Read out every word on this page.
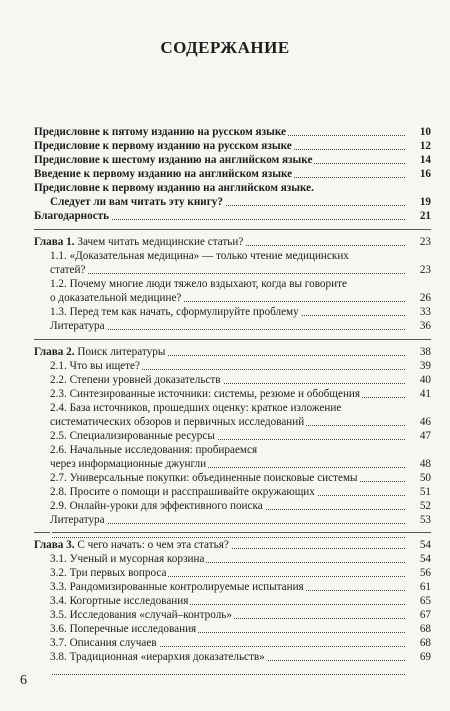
СОДЕРЖАНИЕ
Предисловие к пятому изданию на русском языке	10
Предисловие к первому изданию на русском языке	12
Предисловие к шестому изданию на английском языке	14
Введение к первому изданию на английском языке	16
Предисловие к первому изданию на английском языке.
Следует ли вам читать эту книгу?	19
Благодарность	21
Глава 1. Зачем читать медицинские статьи?	23
1.1. «Доказательная медицина» — только чтение медицинских
статей?	23
1.2. Почему многие люди тяжело вздыхают, когда вы говорите
о доказательной медицине?	26
1.3. Перед тем как начать, сформулируйте проблему	33
Литература	36
Глава 2. Поиск литературы	38
2.1. Что вы ищете?	39
2.2. Степени уровней доказательств	40
2.3. Синтезированные источники: системы, резюме и обобщения	41
2.4. База источников, прошедших оценку: краткое изложение
систематических обзоров и первичных исследований	46
2.5. Специализированные ресурсы	47
2.6. Начальные исследования: пробираемся
через информационные джунгли	48
2.7. Универсальные покупки: объединенные поисковые системы	50
2.8. Просите о помощи и расспрашивайте окружающих	51
2.9. Онлайн-уроки для эффективного поиска	52
Литература	53
Глава 3. С чего начать: о чем эта статья?	54
3.1. Ученый и мусорная корзина	54
3.2. Три первых вопроса	56
3.3. Рандомизированные контролируемые испытания	61
3.4. Когортные исследования	65
3.5. Исследования «случай–контроль»	67
3.6. Поперечные исследования	68
3.7. Описания случаев	68
3.8. Традиционная «иерархия доказательств»	69
6
